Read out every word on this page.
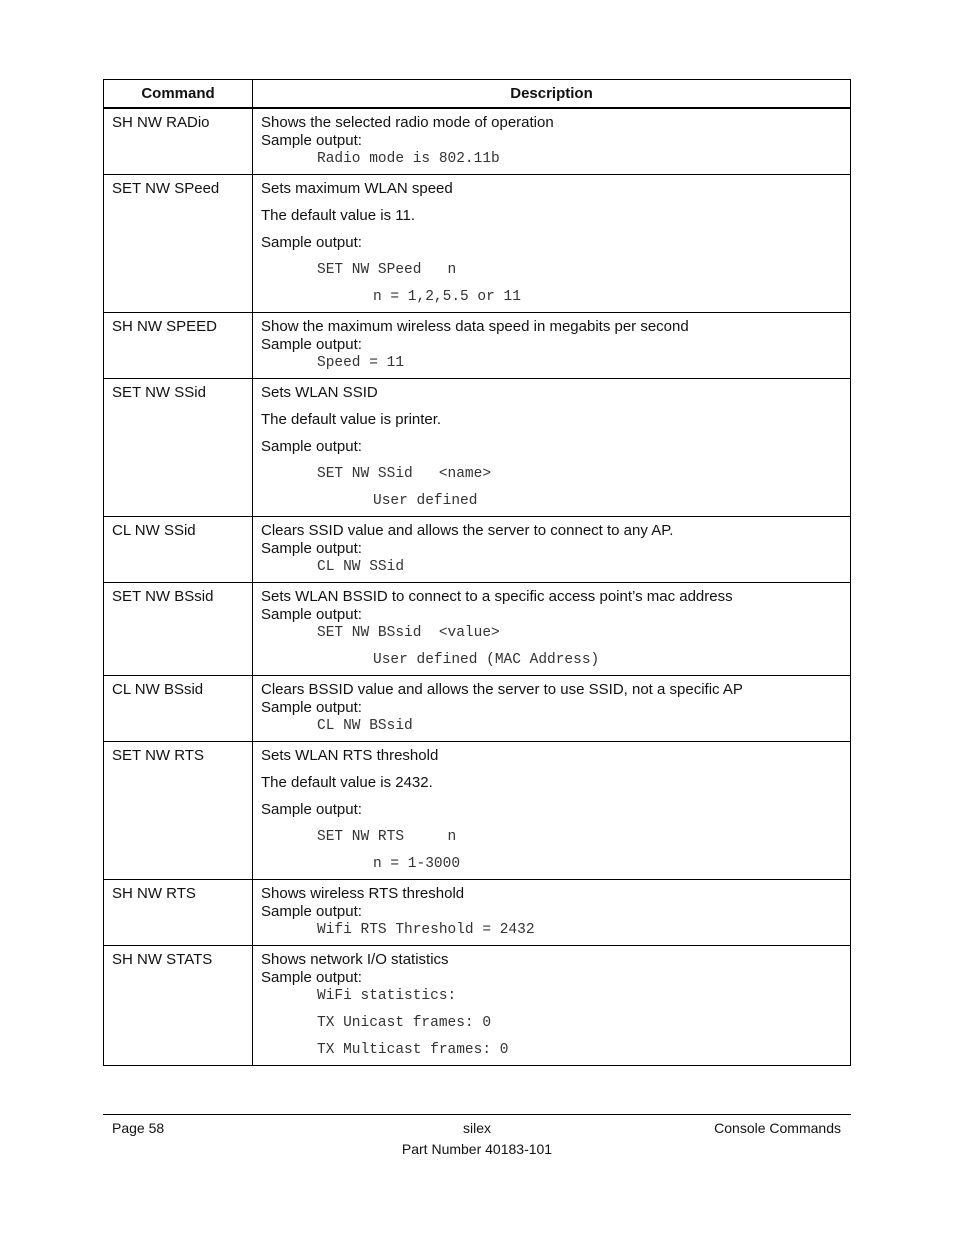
Command	Description
SH NW RADio	Shows the selected radio mode of operation
Sample output:
Radio mode is 802.11b

SET NW SPeed	Sets maximum WLAN speed
The default value is 11.
Sample output:
SET NW SPeed   n
n = 1,2,5.5 or 11

SH NW SPEED	Show the maximum wireless data speed in megabits per second
Sample output:
Speed = 11

SET NW SSid	Sets WLAN SSID
The default value is printer.
Sample output:
SET NW SSid   <name>
User defined

CL NW SSid	Clears SSID value and allows the server to connect to any AP.
Sample output:
CL NW SSid

SET NW BSsid	Sets WLAN BSSID to connect to a specific access point’s mac address
Sample output:
SET NW BSsid  <value>
User defined (MAC Address)

CL NW BSsid	Clears BSSID value and allows the server to use SSID, not a specific AP
Sample output:
CL NW BSsid

SET NW RTS	Sets WLAN RTS threshold
The default value is 2432.
Sample output:
SET NW RTS     n
n = 1-3000

SH NW RTS	Shows wireless RTS threshold
Sample output:
Wifi RTS Threshold = 2432

SH NW STATS	Shows network I/O statistics
Sample output:
WiFi statistics:
TX Unicast frames: 0
TX Multicast frames: 0
Page 58	silex	Console Commands
Part Number 40183-101
